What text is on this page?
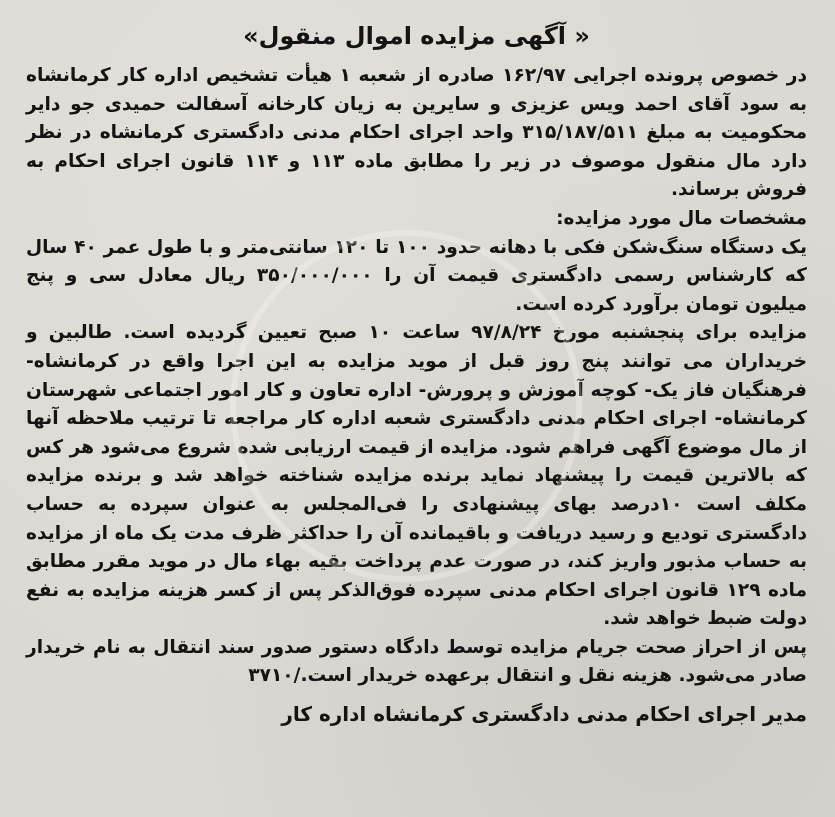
« آگهی مزایده اموال منقول»

در خصوص پرونده اجرایی ۱۶۲/۹۷ صادره از شعبه ۱ هیأت تشخیص اداره کار کرمانشاه به سود آقای احمد ویس عزیزی و سایرین به زیان کارخانه آسفالت حمیدی جو دایر محکومیت به مبلغ ۳۱۵/۱۸۷/۵۱۱ واحد اجرای احکام مدنی دادگستری کرمانشاه در نظر دارد مال منقول موصوف در زیر را مطابق ماده ۱۱۳ و ۱۱۴ قانون اجرای احکام به فروش برساند.

مشخصات مال مورد مزایده:

یک دستگاه سنگ‌شکن فکی با دهانه حدود ۱۰۰ تا ۱۲۰ سانتی‌متر و با طول عمر ۴۰ سال که کارشناس رسمی دادگستری قیمت آن را ۳۵۰/۰۰۰/۰۰۰ ریال معادل سی و پنج میلیون تومان برآورد کرده است.

مزایده برای پنجشنبه مورخ ۹۷/۸/۲۴ ساعت ۱۰ صبح تعیین گردیده است. طالبین و خریداران می توانند پنج روز قبل از موید مزایده به این اجرا واقع در کرمانشاه- فرهنگیان فاز یک- کوچه آموزش و پرورش- اداره تعاون و کار امور اجتماعی شهرستان کرمانشاه- اجرای احکام مدنی دادگستری شعبه اداره کار مراجعه تا ترتیب ملاحظه آنها از مال موضوع آگهی فراهم شود. مزایده از قیمت ارزیابی شده شروع می‌شود هر کس که بالاترین قیمت را پیشنهاد نماید برنده مزایده شناخته خواهد شد و برنده مزایده مکلف است ۱۰درصد بهای پیشنهادی را فی‌المجلس به عنوان سپرده به حساب دادگستری تودیع و رسید دریافت و باقیمانده آن را حداکثر ظرف مدت یک ماه از مزایده به حساب مذبور واریز کند، در صورت عدم پرداخت بقیه بهاء مال در موید مقرر مطابق ماده ۱۲۹ قانون اجرای احکام مدنی سپرده فوق‌الذکر پس از کسر هزینه مزایده به نفع دولت ضبط خواهد شد.

پس از احراز صحت جریام مزایده توسط دادگاه دستور صدور سند انتقال به نام خریدار صادر می‌شود. هزینه نقل و انتقال برعهده خریدار است./۳۷۱۰

مدیر اجرای احکام مدنی دادگستری کرمانشاه اداره کار
